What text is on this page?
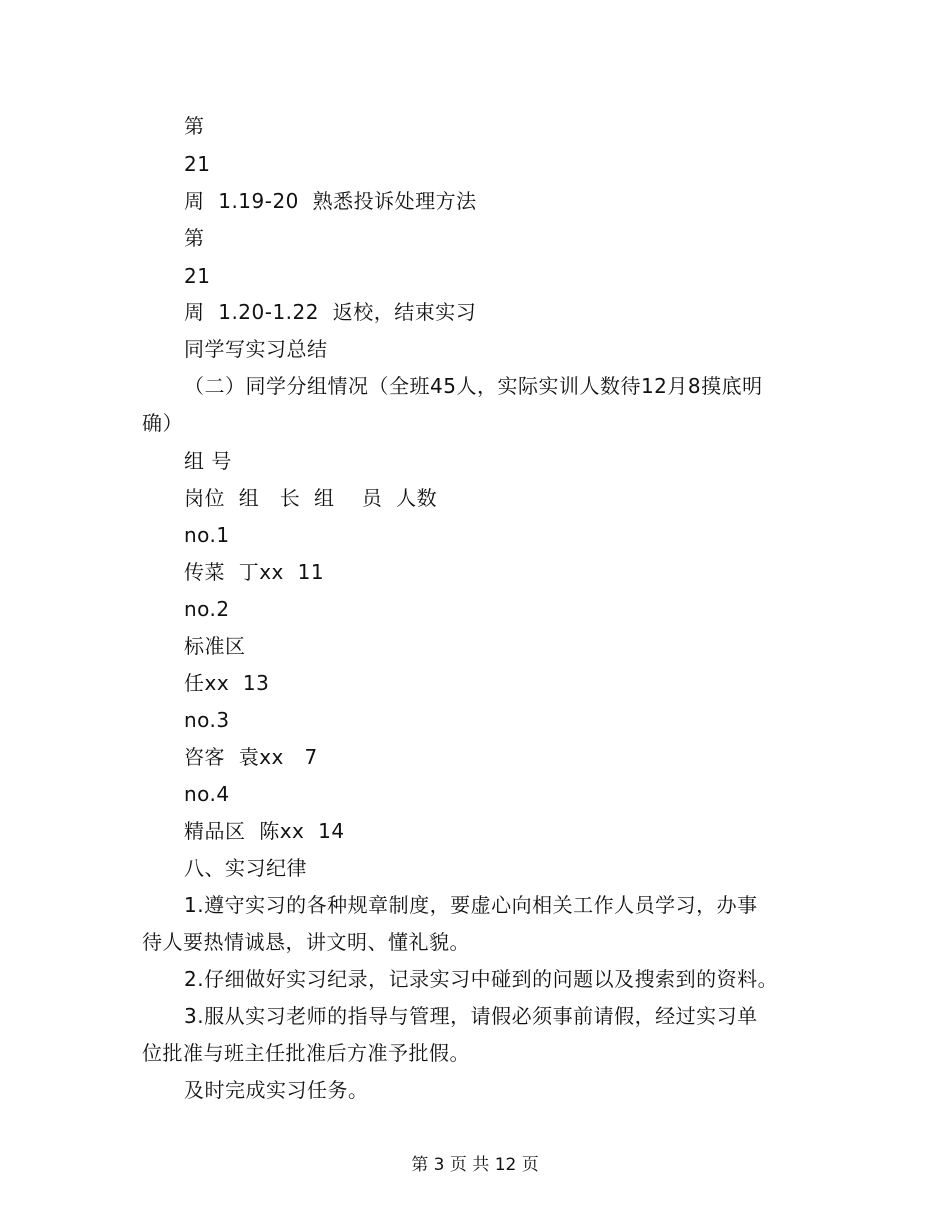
第
21
周  1.19-20  熟悉投诉处理方法
第
21
周  1.20-1.22  返校，结束实习
同学写实习总结
（二）同学分组情况（全班45人，实际实训人数待12月8摸底明
确）
组 号
岗位  组   长  组    员  人数
no.1
传菜  丁xx  11
no.2
标准区
任xx  13
no.3
咨客  袁xx   7
no.4
精品区  陈xx  14
八、实习纪律
1.遵守实习的各种规章制度，要虚心向相关工作人员学习，办事
待人要热情诚恳，讲文明、懂礼貌。
2.仔细做好实习纪录，记录实习中碰到的问题以及搜索到的资料。
3.服从实习老师的指导与管理，请假必须事前请假，经过实习单
位批准与班主任批准后方准予批假。
及时完成实习任务。
第 3 页 共 12 页
